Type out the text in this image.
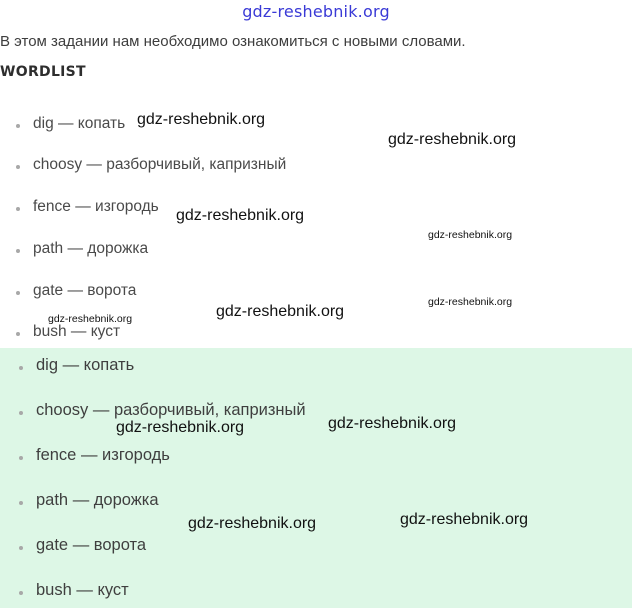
gdz-reshebnik.org
В этом задании нам необходимо ознакомиться с новыми словами.
WORDLIST
dig — копать
choosy — разборчивый, капризный
fence — изгородь
path — дорожка
gate — ворота
bush — куст
dig — копать
choosy — разборчивый, капризный
fence — изгородь
path — дорожка
gate — ворота
bush — куст
gdz-reshebnik.org
gdz-reshebnik.org
gdz-reshebnik.org
gdz-reshebnik.org
gdz-reshebnik.org
gdz-reshebnik.org
gdz-reshebnik.org
gdz-reshebnik.org	gdz-reshebnik.org
gdz-reshebnik.org	gdz-reshebnik.org
